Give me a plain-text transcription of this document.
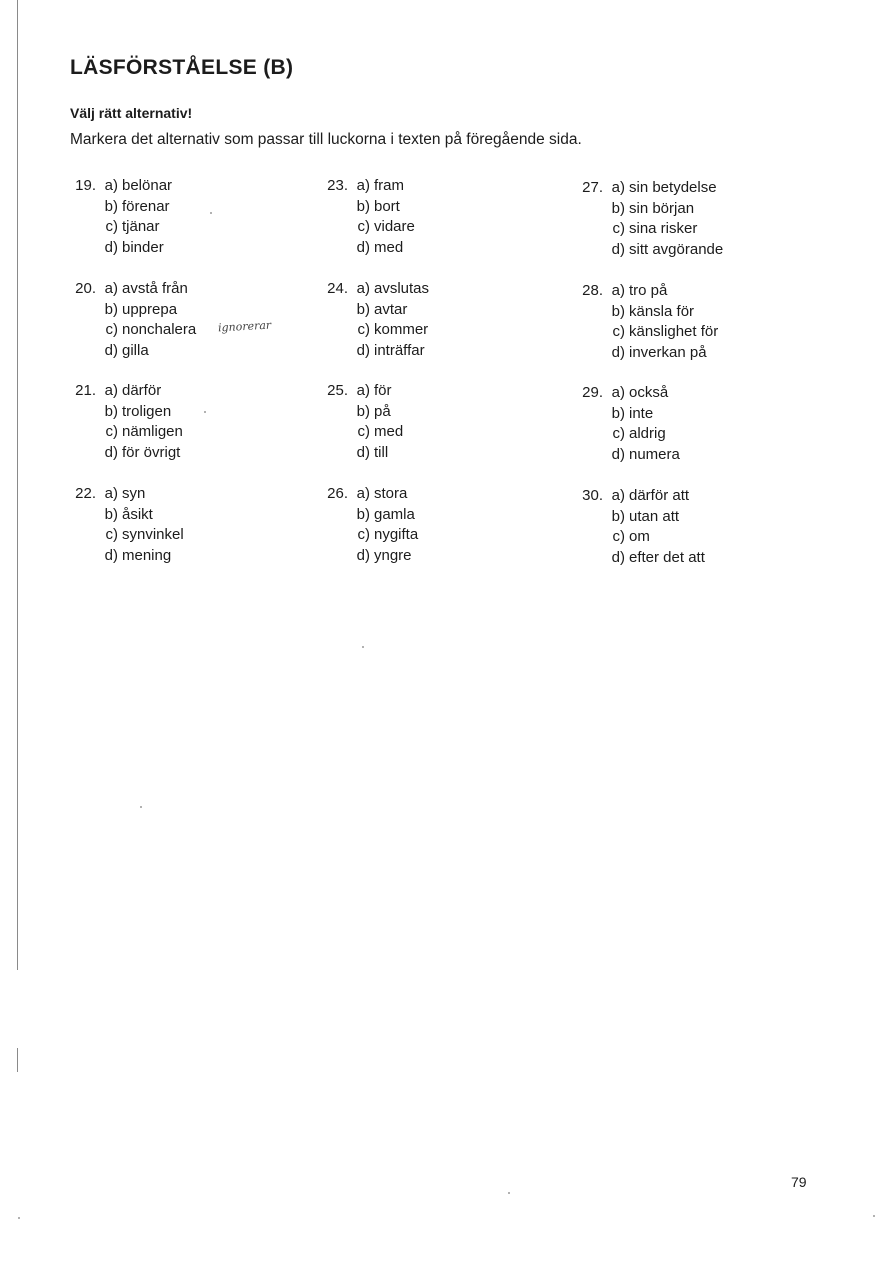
LÄSFÖRSTÅELSE (B)
Välj rätt alternativ!
Markera det alternativ som passar till luckorna i texten på föregående sida.
19. a) belönar
b) förenar
c) tjänar
d) binder
20. a) avstå från
b) upprepa
c) nonchalera
d) gilla
21. a) därför
b) troligen
c) nämligen
d) för övrigt
22. a) syn
b) åsikt
c) synvinkel
d) mening
23. a) fram
b) bort
c) vidare
d) med
24. a) avslutas
b) avtar
c) kommer
d) inträffar
25. a) för
b) på
c) med
d) till
26. a) stora
b) gamla
c) nygifta
d) yngre
27. a) sin betydelse
b) sin början
c) sina risker
d) sitt avgörande
28. a) tro på
b) känsla för
c) känslighet för
d) inverkan på
29. a) också
b) inte
c) aldrig
d) numera
30. a) därför att
b) utan att
c) om
d) efter det att
ignorerar
79
